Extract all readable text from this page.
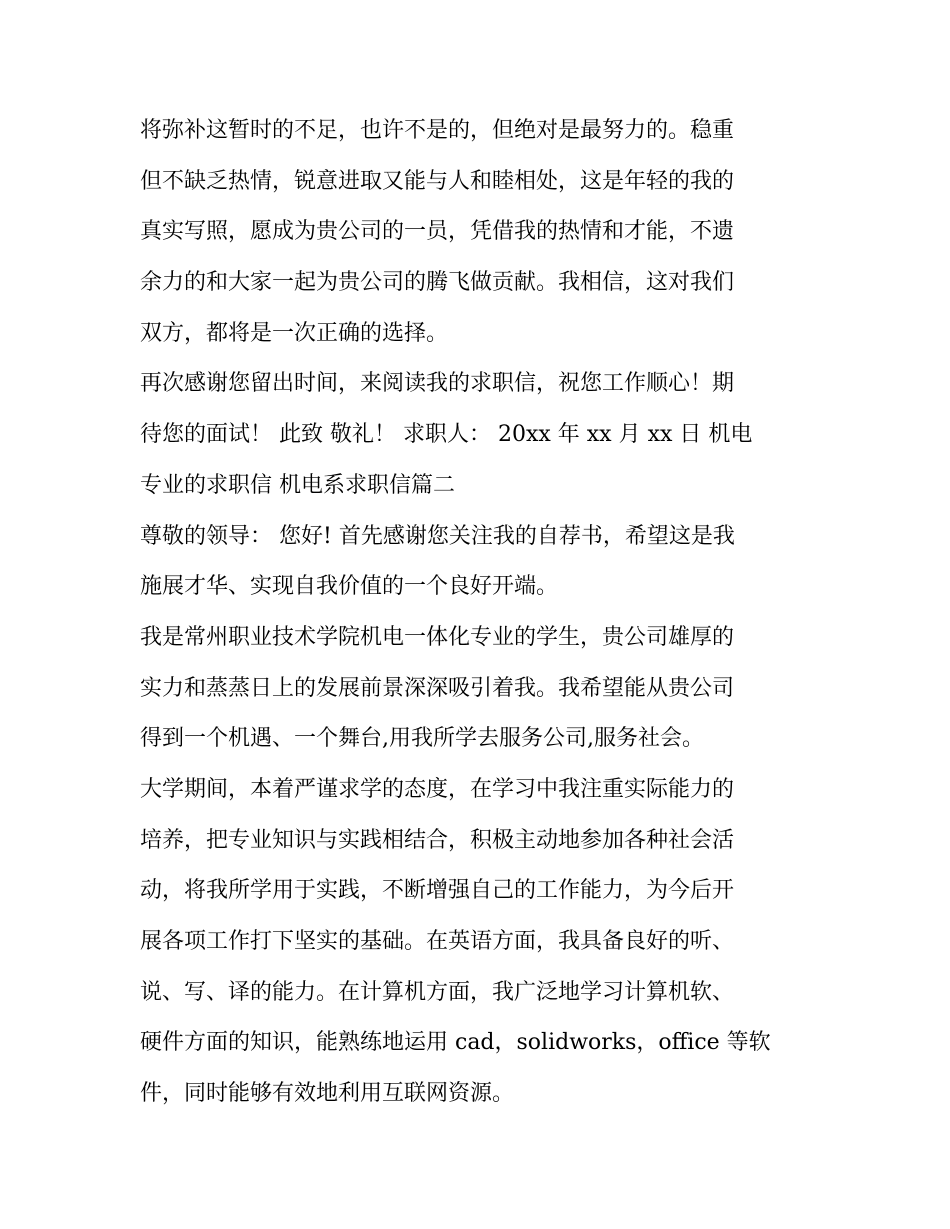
将弥补这暂时的不足，也许不是的，但绝对是最努力的。稳重
但不缺乏热情，锐意进取又能与人和睦相处，这是年轻的我的
真实写照，愿成为贵公司的一员，凭借我的热情和才能，不遗
余力的和大家一起为贵公司的腾飞做贡献。我相信，这对我们
双方，都将是一次正确的选择。
再次感谢您留出时间，来阅读我的求职信，祝您工作顺心！期
待您的面试！ 此致 敬礼！ 求职人： 20xx 年 xx 月 xx 日 机电
专业的求职信 机电系求职信篇二
尊敬的领导： 您好! 首先感谢您关注我的自荐书，希望这是我
施展才华、实现自我价值的一个良好开端。
我是常州职业技术学院机电一体化专业的学生，贵公司雄厚的
实力和蒸蒸日上的发展前景深深吸引着我。我希望能从贵公司
得到一个机遇、一个舞台,用我所学去服务公司,服务社会。
大学期间，本着严谨求学的态度，在学习中我注重实际能力的
培养，把专业知识与实践相结合，积极主动地参加各种社会活
动，将我所学用于实践，不断增强自己的工作能力，为今后开
展各项工作打下坚实的基础。在英语方面，我具备良好的听、
说、写、译的能力。在计算机方面，我广泛地学习计算机软、
硬件方面的知识，能熟练地运用 cad，solidworks，office 等软
件，同时能够有效地利用互联网资源。
